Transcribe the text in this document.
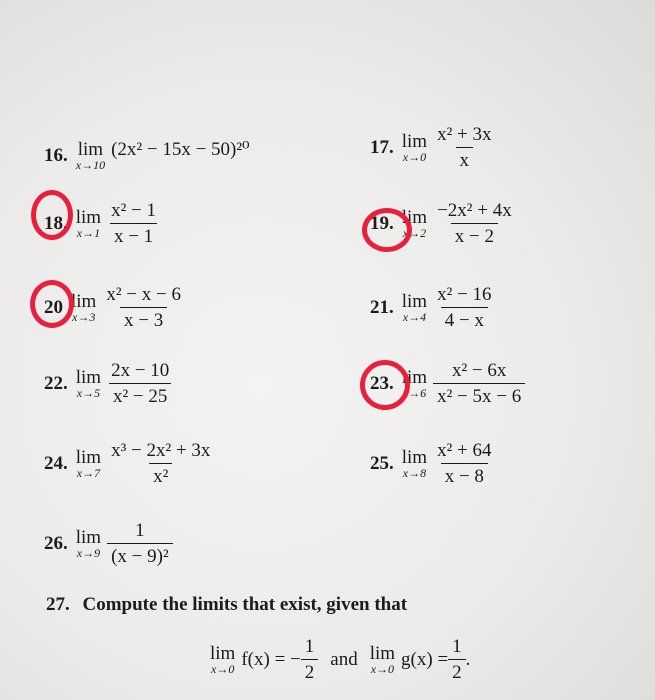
16. lim
x→10
(2x² − 15x − 50)²⁰	17. lim
$x\to 0 \frac{\text{x² + 3x}}{x}$
18. lim
$x\to 1 \frac{\text{x² − 1}}{x - 1}$	19. lim
$x\to 2 \frac{\text{−2x² + 4x}}{x - 2}$
20 lim
$x\to 3 \frac{\text{x² − x − 6}}{x - 3}$	21. lim
$x\to 4 \frac{\text{x² − 16}}{4 - x}$
22. lim
$x\to 5 \frac{2x - 10}{\text{x² − 25}}$	23. lim
$x\to 6 \frac{\text{x² − 6x}}{\text{x² − 5x − 6}}$
24. lim
$x\to 7 \frac{\text{x³ − 2x² + 3x}}{\text{x²}}$	25. lim
$x\to 8 \frac{\text{x² + 64}}{x - 8}$
26. lim
$x\to 9 \frac{1}{\text{(x − 9)²}}$
27. Compute the limits that exist, given that
lim
x→0 f(x) = − $\frac{1}{2}$ and lim
x→0 $g(x) = \frac{1}{2}$ .
